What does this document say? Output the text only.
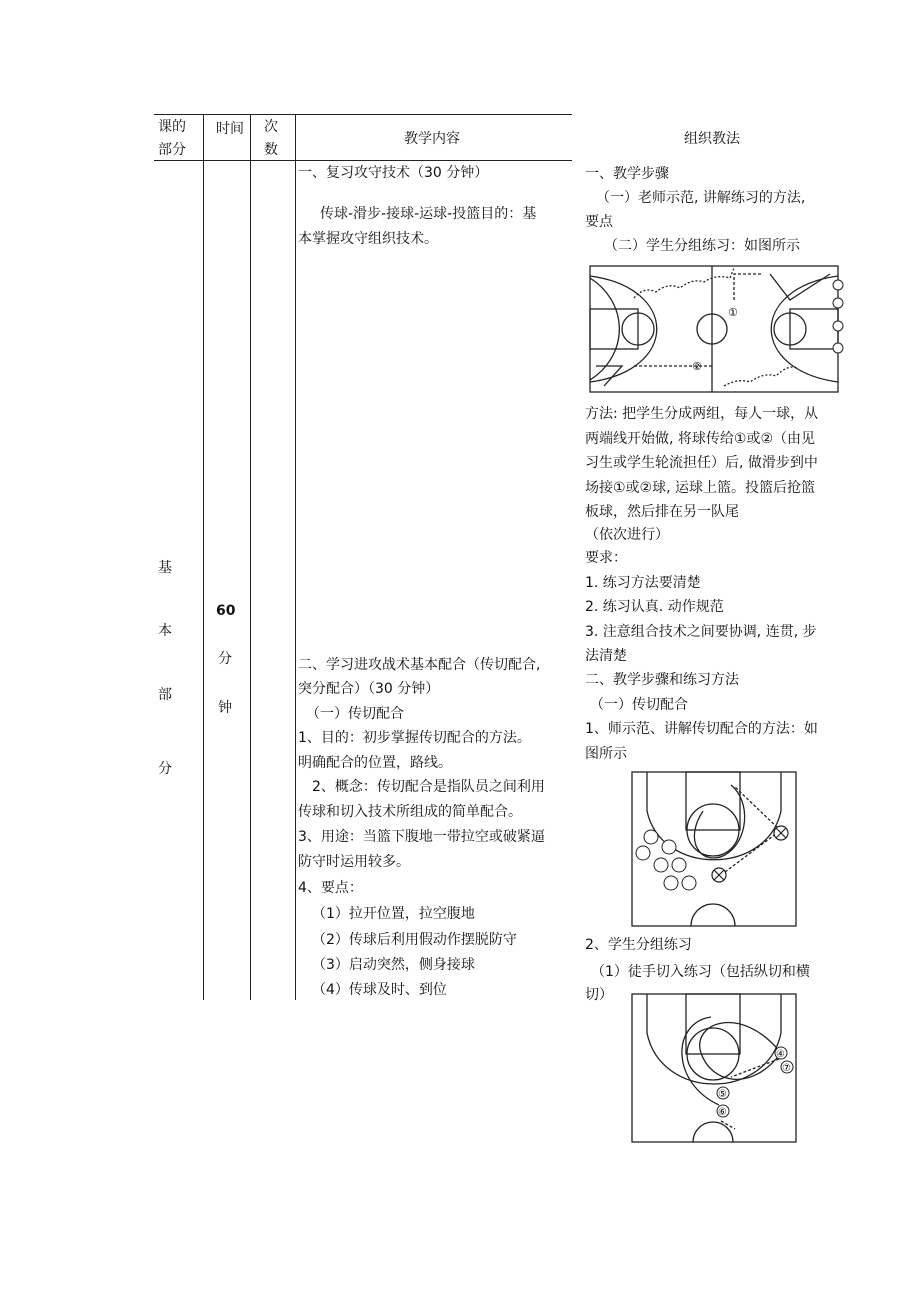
课的
部分
时间 次
数
教学内容	组织教法
基
本
部
分
60
分
钟
一、复习攻守技术（30 分钟）
传球-滑步-接球-运球-投篮目的：基
本掌握攻守组织技术。
二、学习进攻战术基本配合（传切配合,
突分配合）（30 分钟）
（一）传切配合
1、目的：初步掌握传切配合的方法。
明确配合的位置，路线。
2、概念：传切配合是指队员之间利用
传球和切入技术所组成的简单配合。
3、用途：当篮下腹地一带拉空或破紧逼
防守时运用较多。
4、要点：
（1）拉开位置，拉空腹地
（2）传球后利用假动作摆脱防守
（3）启动突然，侧身接球
（4）传球及时、到位
一、教学步骤
（一）老师示范, 讲解练习的方法,
要点
（二）学生分组练习：如图所示
①
②
方法: 把学生分成两组，每人一球，从
两端线开始做, 将球传给①或②（由见
习生或学生轮流担任）后, 做滑步到中
场接①或②球, 运球上篮。投篮后抢篮
板球，然后排在另一队尾
（依次进行）
要求：
1. 练习方法要清楚
2. 练习认真. 动作规范
3. 注意组合技术之间要协调, 连贯, 步
法清楚
二、教学步骤和练习方法
（一）传切配合
1、师示范、讲解传切配合的方法：如
图所示
2、学生分组练习
（1）徒手切入练习（包括纵切和横
切）
④
⑦
⑤
⑥
